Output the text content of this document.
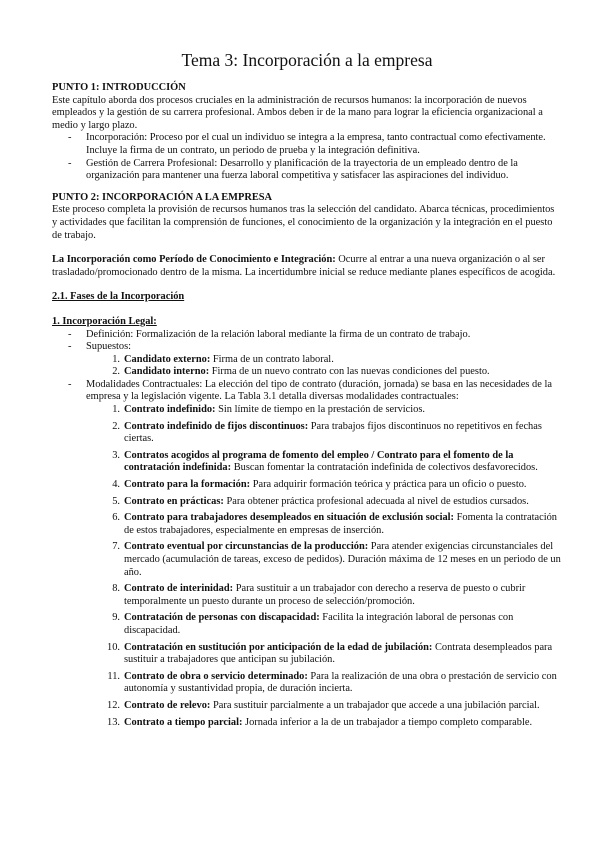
Tema 3: Incorporación a la empresa
PUNTO 1: INTRODUCCIÓN

Este capítulo aborda dos procesos cruciales en la administración de recursos humanos: la incorporación de nuevos empleados y la gestión de su carrera profesional. Ambos deben ir de la mano para lograr la eficiencia organizacional a medio y largo plazo.

- Incorporación: Proceso por el cual un individuo se integra a la empresa, tanto contractual como efectivamente. Incluye la firma de un contrato, un periodo de prueba y la integración definitiva.
- Gestión de Carrera Profesional: Desarrollo y planificación de la trayectoria de un empleado dentro de la organización para mantener una fuerza laboral competitiva y satisfacer las aspiraciones del individuo.
PUNTO 2: INCORPORACIÓN A LA EMPRESA

Este proceso completa la provisión de recursos humanos tras la selección del candidato. Abarca técnicas, procedimientos y actividades que facilitan la comprensión de funciones, el conocimiento de la organización y la integración en el puesto de trabajo.

La Incorporación como Período de Conocimiento e Integración: Ocurre al entrar a una nueva organización o al ser trasladado/promocionado dentro de la misma. La incertidumbre inicial se reduce mediante planes específicos de acogida.

2.1. Fases de la Incorporación

1. Incorporación Legal:

- Definición: Formalización de la relación laboral mediante la firma de un contrato de trabajo.
- Supuestos:
1. Candidato externo: Firma de un contrato laboral.
2. Candidato interno: Firma de un nuevo contrato con las nuevas condiciones del puesto.
- Modalidades Contractuales: La elección del tipo de contrato (duración, jornada) se basa en las necesidades de la empresa y la legislación vigente. La Tabla 3.1 detalla diversas modalidades contractuales:
1. Contrato indefinido: Sin límite de tiempo en la prestación de servicios.
2. Contrato indefinido de fijos discontinuos: Para trabajos fijos discontinuos no repetitivos en fechas ciertas.
3. Contratos acogidos al programa de fomento del empleo / Contrato para el fomento de la contratación indefinida: Buscan fomentar la contratación indefinida de colectivos desfavorecidos.
4. Contrato para la formación: Para adquirir formación teórica y práctica para un oficio o puesto.
5. Contrato en prácticas: Para obtener práctica profesional adecuada al nivel de estudios cursados.
6. Contrato para trabajadores desempleados en situación de exclusión social: Fomenta la contratación de estos trabajadores, especialmente en empresas de inserción.
7. Contrato eventual por circunstancias de la producción: Para atender exigencias circunstanciales del mercado (acumulación de tareas, exceso de pedidos). Duración máxima de 12 meses en un periodo de un año.
8. Contrato de interinidad: Para sustituir a un trabajador con derecho a reserva de puesto o cubrir temporalmente un puesto durante un proceso de selección/promoción.
9. Contratación de personas con discapacidad: Facilita la integración laboral de personas con discapacidad.
10. Contratación en sustitución por anticipación de la edad de jubilación: Contrata desempleados para sustituir a trabajadores que anticipan su jubilación.
11. Contrato de obra o servicio determinado: Para la realización de una obra o prestación de servicio con autonomía y sustantividad propia, de duración incierta.
12. Contrato de relevo: Para sustituir parcialmente a un trabajador que accede a una jubilación parcial.
13. Contrato a tiempo parcial: Jornada inferior a la de un trabajador a tiempo completo comparable.
